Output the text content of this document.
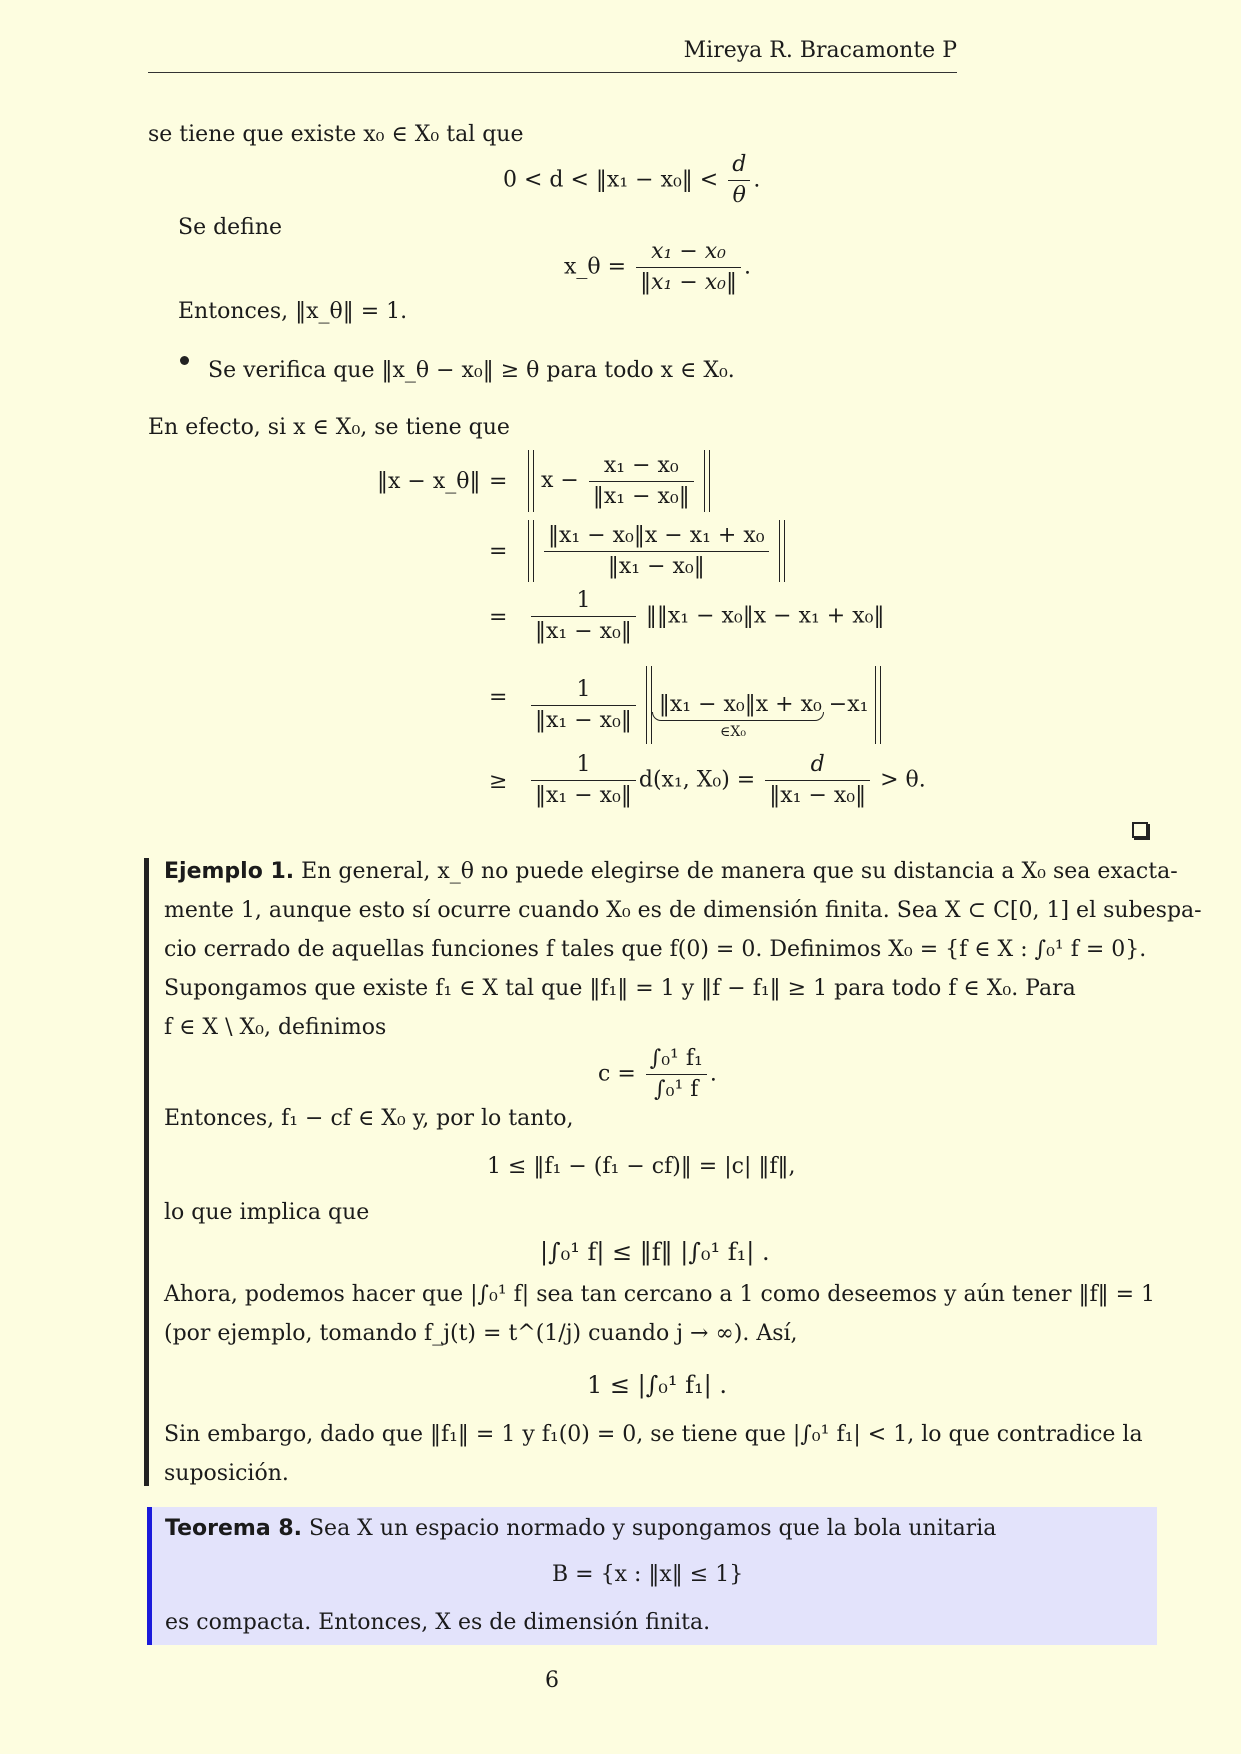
Mireya R. Bracamonte P
se tiene que existe x₀ ∈ X₀ tal que
0 < d < ‖x₁ − x₀‖ < $\frac{d}{\theta}$ .
Se define
x_θ = $\frac{\text{x₁ − x₀}}{\text{‖x₁ − x₀‖}}$ .
Entonces, ‖x_θ‖ = 1.
Se verifica que ‖x_θ − x₀‖ ≥ θ para todo x ∈ X₀.
En efecto, si x ∈ X₀, se tiene que
‖x − x_θ‖ =	$x - \frac{\text{x₁ − x₀}}{\text{‖x₁ − x₀‖}}$

=
$\frac{\text{‖x₁ − x₀‖x − x₁ + x₀}}{\text{‖x₁ − x₀‖}}$

= $\frac{1}{\text{‖x₁ − x₀‖}}$ ‖‖x₁ − x₀‖x − x₁ + x₀‖
= $\frac{1}{\text{‖x₁ − x₀‖}}$ ‖x₁ − x₀‖x + x₀ −x₁
∈X₀
≥ $\frac{1}{\text{‖x₁ − x₀‖}} d(x_1$, $X_0) = \frac{d}{\text{‖x₁ − x₀‖}} > \theta$.
Ejemplo 1. En general, x_θ no puede elegirse de manera que su distancia a X₀ sea exacta-
mente 1, aunque esto sí ocurre cuando X₀ es de dimensión finita. Sea X ⊂ C[0, 1] el subespa-
cio cerrado de aquellas funciones f tales que f(0) = 0. Definimos X₀ = {f ∈ X : ∫₀¹ f = 0}.
Supongamos que existe f₁ ∈ X tal que ‖f₁‖ = 1 y ‖f − f₁‖ ≥ 1 para todo f ∈ X₀. Para
f ∈ X \ X₀, definimos
$c = \frac{\text{∫₀¹ f₁}}{\text{∫₀¹ f}}$ .
Entonces, f₁ − cf ∈ X₀ y, por lo tanto,
1 ≤ ‖f₁ − (f₁ − cf)‖ = |c| ‖f‖,
lo que implica que
|∫₀¹ f| ≤ ‖f‖ |∫₀¹ f₁| .
Ahora, podemos hacer que |∫₀¹ f| sea tan cercano a 1 como deseemos y aún tener ‖f‖ = 1
(por ejemplo, tomando f_j(t) = t^(1/j) cuando j → ∞). Así,
1 ≤ |∫₀¹ f₁| .
Sin embargo, dado que ‖f₁‖ = 1 y f₁(0) = 0, se tiene que |∫₀¹ f₁| < 1, lo que contradice la
suposición.
Teorema 8. Sea X un espacio normado y supongamos que la bola unitaria
B = {x : ‖x‖ ≤ 1}
es compacta. Entonces, X es de dimensión finita.
6
